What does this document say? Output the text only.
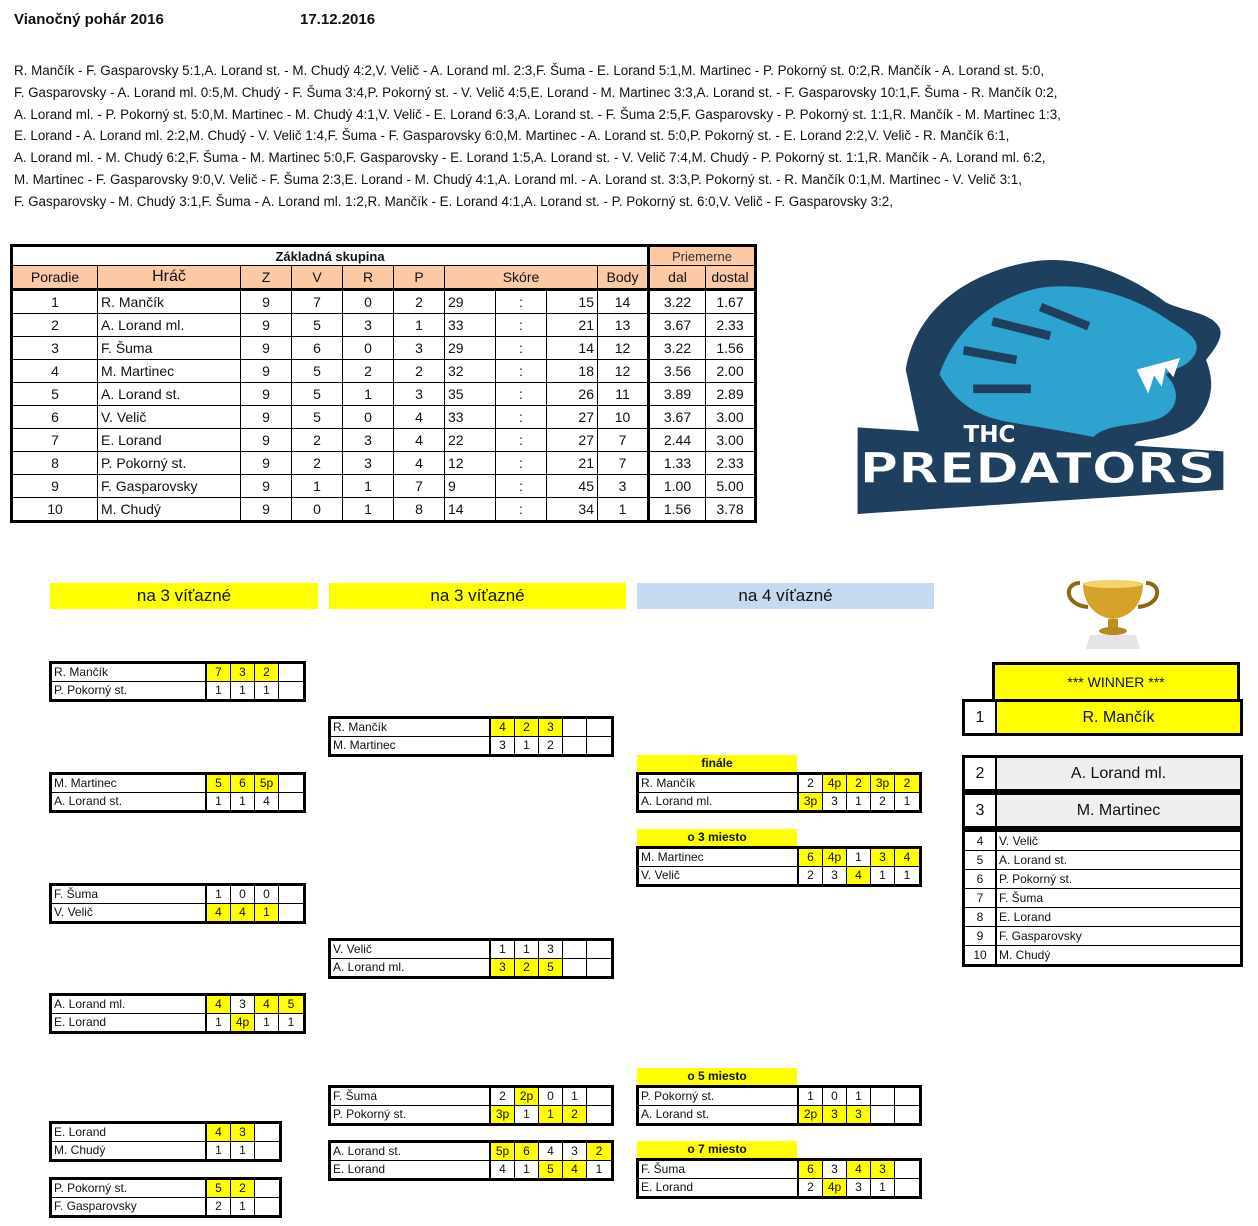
Vianočný pohár 2016	17.12.2016
R. Mančík - F. Gasparovsky 5:1,A. Lorand st. - M. Chudý 4:2,V. Velič - A. Lorand ml. 2:3,F. Šuma - E. Lorand 5:1,M. Martinec - P. Pokorný st. 0:2,R. Mančík - A. Lorand st. 5:0,
F. Gasparovsky - A. Lorand ml. 0:5,M. Chudý - F. Šuma 3:4,P. Pokorný st. - V. Velič 4:5,E. Lorand - M. Martinec 3:3,A. Lorand st. - F. Gasparovsky 10:1,F. Šuma - R. Mančík 0:2,
A. Lorand ml. - P. Pokorný st. 5:0,M. Martinec - M. Chudý 4:1,V. Velič - E. Lorand 6:3,A. Lorand st. - F. Šuma 2:5,F. Gasparovsky - P. Pokorný st. 1:1,R. Mančík - M. Martinec 1:3,
E. Lorand - A. Lorand ml. 2:2,M. Chudý - V. Velič 1:4,F. Šuma - F. Gasparovsky 6:0,M. Martinec - A. Lorand st. 5:0,P. Pokorný st. - E. Lorand 2:2,V. Velič - R. Mančík 6:1,
A. Lorand ml. - M. Chudý 6:2,F. Šuma - M. Martinec 5:0,F. Gasparovsky - E. Lorand 1:5,A. Lorand st. - V. Velič 7:4,M. Chudý - P. Pokorný st. 1:1,R. Mančík - A. Lorand ml. 6:2,
M. Martinec - F. Gasparovsky 9:0,V. Velič - F. Šuma 2:3,E. Lorand - M. Chudý 4:1,A. Lorand ml. - A. Lorand st. 3:3,P. Pokorný st. - R. Mančík 0:1,M. Martinec - V. Velič 3:1,
F. Gasparovsky - M. Chudý 3:1,F. Šuma - A. Lorand ml. 1:2,R. Mančík - E. Lorand 4:1,A. Lorand st. - P. Pokorný st. 6:0,V. Velič - F. Gasparovsky 3:2,
Základná skupina										Priemerne	
Poradie	Hráč	Z	V	R	P	Skóre			Body	dal	dostal
1	R. Mančík	9	7	0	2	29	:	15	14	3.22	1.67
2	A. Lorand ml.	9	5	3	1	33	:	21	13	3.67	2.33
3	F. Šuma	9	6	0	3	29	:	14	12	3.22	1.56
4	M. Martinec	9	5	2	2	32	:	18	12	3.56	2.00
5	A. Lorand st.	9	5	1	3	35	:	26	11	3.89	2.89
6	V. Velič	9	5	0	4	33	:	27	10	3.67	3.00
7	E. Lorand	9	2	3	4	22	:	27	7	2.44	3.00
8	P. Pokorný st.	9	2	3	4	12	:	21	7	1.33	2.33
9	F. Gasparovsky	9	1	1	7	9	:	45	3	1.00	5.00
10	M. Chudý	9	0	1	8	14	:	34	1	1.56	3.78
THC
PREDATORS
na 3 víťazné	na 3 víťazné	na 4 víťazné
R. Mančík	7	3	2
P. Pokorný st.	1	1	1
M. Martinec	5	6	5p
A. Lorand st.	1	1	4
F. Šuma	1	0	0
V. Velič	4	4	1
A. Lorand ml.	4	3	4	5
E. Lorand	1	4p	1	1
E. Lorand	4	3
M. Chudý	1	1
P. Pokorný st.	5	2
F. Gasparovsky	2	1
R. Mančík	4	2	3
M. Martinec	3	1	2
V. Velič	1	1	3
A. Lorand ml.	3	2	5
F. Šuma	2	2p	0	1
P. Pokorný st.	3p	1	1	2
A. Lorand st.	5p	6	4	3	2
E. Lorand	4	1	5	4	1
finále
R. Mančík	2	4p	2	3p	2
A. Lorand ml.	3p	3	1	2	1
o 3 miesto
M. Martinec	6	4p	1	3	4
V. Velič	2	3	4	1	1
o 5 miesto
P. Pokorný st.	1	0	1
A. Lorand st.	2p	3	3
o 7 miesto
F. Šuma	6	3	4	3
E. Lorand	2	4p	3	1
*** WINNER ***
1	R. Mančík
2	A. Lorand ml.
3	M. Martinec
4	V. Velič
5	A. Lorand st.
6	P. Pokorný st.
7	F. Šuma
8	E. Lorand
9	F. Gasparovsky
10	M. Chudý
